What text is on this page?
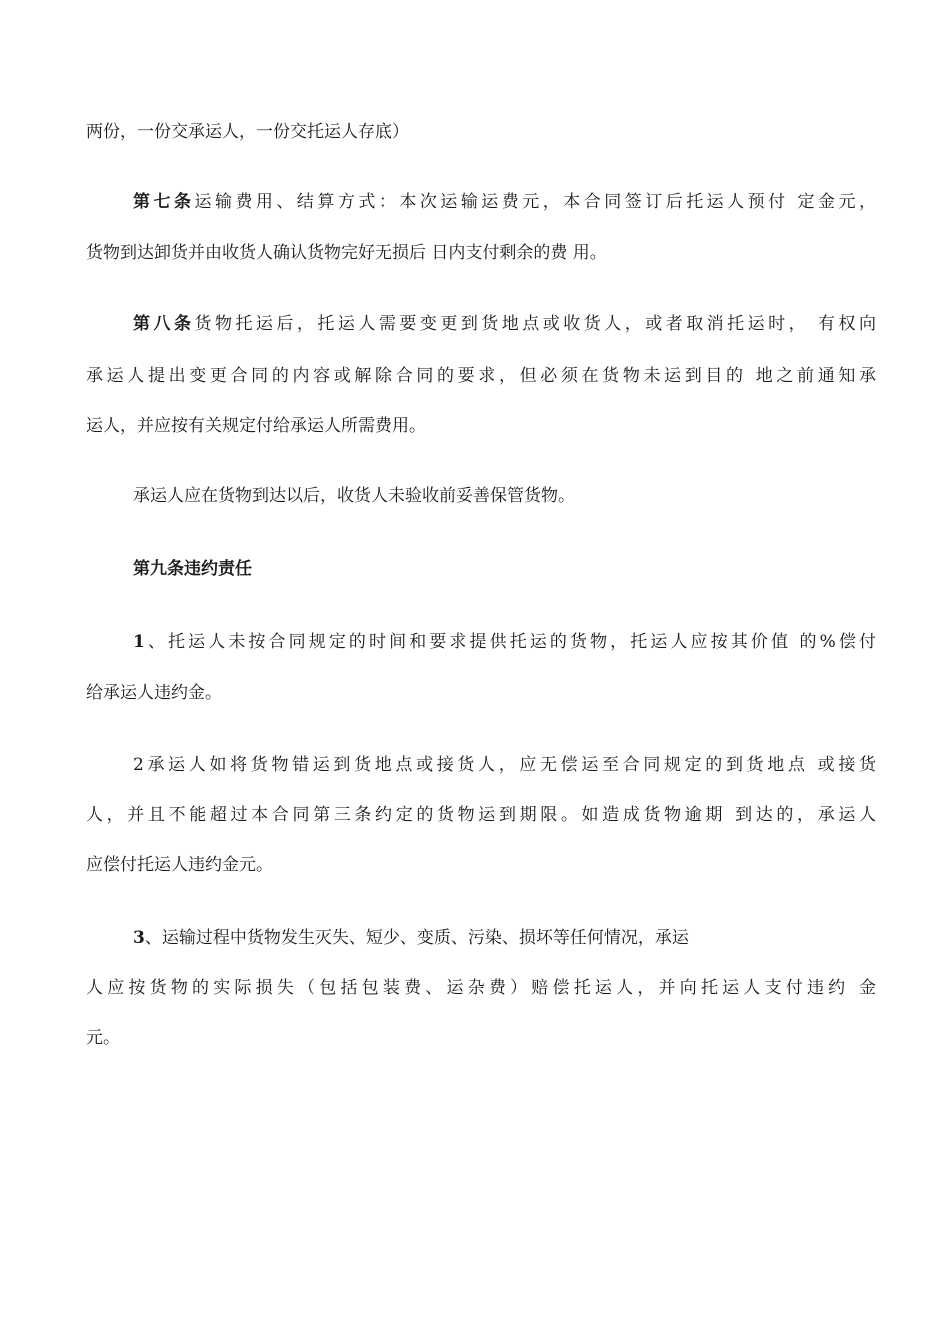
两份，一份交承运人，一份交托运人存底）
第七条运输费用、结算方式：本次运输运费元，本合同签订后托运人预付 定金元，
货物到达卸货并由收货人确认货物完好无损后 日内支付剩余的费 用。
第八条货物托运后，托运人需要变更到货地点或收货人，或者取消托运时， 有权向
承运人提出变更合同的内容或解除合同的要求，但必须在货物未运到目的 地之前通知承
运人，并应按有关规定付给承运人所需费用。
承运人应在货物到达以后，收货人未验收前妥善保管货物。
第九条违约责任
1、托运人未按合同规定的时间和要求提供托运的货物，托运人应按其价值 的%偿付
给承运人违约金。
2承运人如将货物错运到货地点或接货人，应无偿运至合同规定的到货地点 或接货
人，并且不能超过本合同第三条约定的货物运到期限。如造成货物逾期 到达的，承运人
应偿付托运人违约金元。
3、运输过程中货物发生灭失、短少、变质、污染、损坏等任何情况，承运
人应按货物的实际损失（包括包装费、运杂费）赔偿托运人，并向托运人支付违约 金
元。
